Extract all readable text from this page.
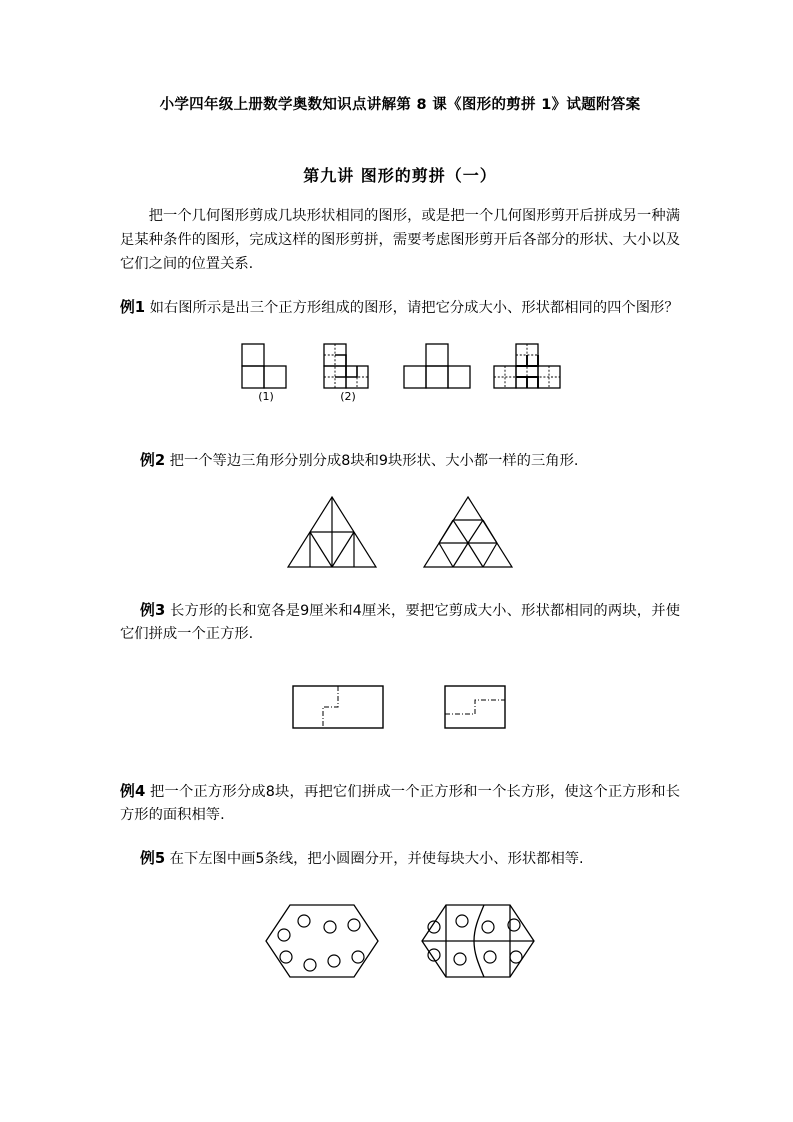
小学四年级上册数学奥数知识点讲解第 8 课《图形的剪拼 1》试题附答案

第九讲 图形的剪拼（一）

把一个几何图形剪成几块形状相同的图形，或是把一个几何图形剪开后拼成另一种满足某种条件的图形，完成这样的图形剪拼，需要考虑图形剪开后各部分的形状、大小以及它们之间的位置关系.

例1 如右图所示是出三个正方形组成的图形，请把它分成大小、形状都相同的四个图形？

(1)	(2)

例2 把一个等边三角形分别分成8块和9块形状、大小都一样的三角形.

例3 长方形的长和宽各是9厘米和4厘米，要把它剪成大小、形状都相同的两块，并使它们拼成一个正方形.

例4 把一个正方形分成8块，再把它们拼成一个正方形和一个长方形，使这个正方形和长方形的面积相等.

例5 在下左图中画5条线，把小圆圈分开，并使每块大小、形状都相等.
